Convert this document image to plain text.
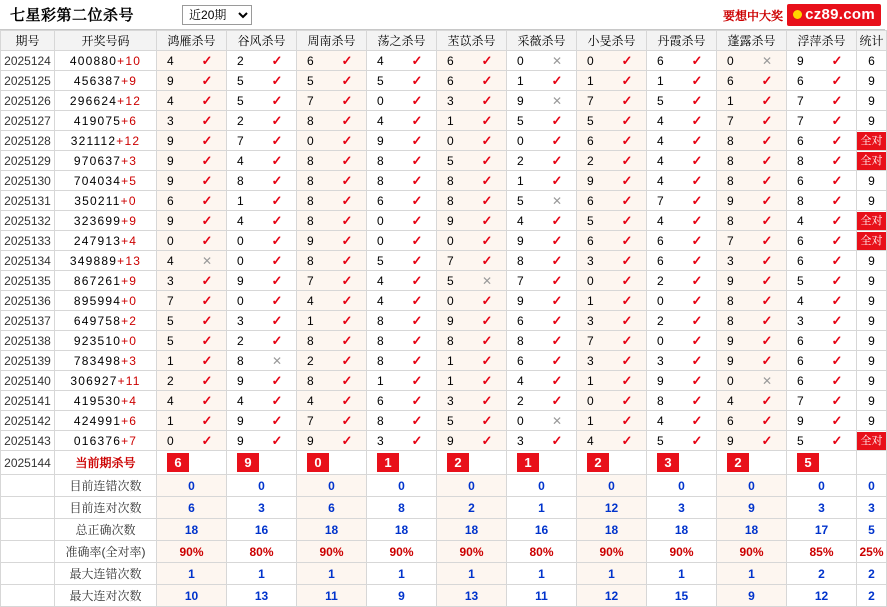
七星彩第二位杀号
近20期	要想中大奖 cz89.com
期号	开奖号码	鸿雁杀号	谷风杀号	周南杀号	荡之杀号	苤苡杀号	采薇杀号	小旻杀号	丹霞杀号	蓬露杀号	浮萍杀号	统计
2025124	400880+10	4 ✓	2 ✓	6 ✓	4 ✓	6 ✓	0 ✕	0 ✓	6 ✓	0 ✕	9 ✓	6
2025125	456387+9	9 ✓	5 ✓	5 ✓	5 ✓	6 ✓	1 ✓	1 ✓	1 ✓	6 ✓	6 ✓	9
2025126	296624+12	4 ✓	5 ✓	7 ✓	0 ✓	3 ✓	9 ✕	7 ✓	5 ✓	1 ✓	7 ✓	9
2025127	419075+6	3 ✓	2 ✓	8 ✓	4 ✓	1 ✓	5 ✓	5 ✓	4 ✓	7 ✓	7 ✓	9
2025128	321112+12	9 ✓	7 ✓	0 ✓	9 ✓	0 ✓	0 ✓	6 ✓	4 ✓	8 ✓	6 ✓	全对

2025129	970637+3	9 ✓	4 ✓	8 ✓	8 ✓	5 ✓	2 ✓	2 ✓	4 ✓	8 ✓	8 ✓	全对

2025130	704034+5	9 ✓	8 ✓	8 ✓	8 ✓	8 ✓	1 ✓	9 ✓	4 ✓	8 ✓	6 ✓	9
2025131	350211+0	6 ✓	1 ✓	8 ✓	6 ✓	8 ✓	5 ✕	6 ✓	7 ✓	9 ✓	8 ✓	9
2025132	323699+9	9 ✓	4 ✓	8 ✓	0 ✓	9 ✓	4 ✓	5 ✓	4 ✓	8 ✓	4 ✓	全对

2025133	247913+4	0 ✓	0 ✓	9 ✓	0 ✓	0 ✓	9 ✓	6 ✓	6 ✓	7 ✓	6 ✓	全对

2025134	349889+13	4 ✕	0 ✓	8 ✓	5 ✓	7 ✓	8 ✓	3 ✓	6 ✓	3 ✓	6 ✓	9
2025135	867261+9	3 ✓	9 ✓	7 ✓	4 ✓	5 ✕	7 ✓	0 ✓	2 ✓	9 ✓	5 ✓	9
2025136	895994+0	7 ✓	0 ✓	4 ✓	4 ✓	0 ✓	9 ✓	1 ✓	0 ✓	8 ✓	4 ✓	9
2025137	649758+2	5 ✓	3 ✓	1 ✓	8 ✓	9 ✓	6 ✓	3 ✓	2 ✓	8 ✓	3 ✓	9
2025138	923510+0	5 ✓	2 ✓	8 ✓	8 ✓	8 ✓	8 ✓	7 ✓	0 ✓	9 ✓	6 ✓	9
2025139	783498+3	1 ✓	8 ✕	2 ✓	8 ✓	1 ✓	6 ✓	3 ✓	3 ✓	9 ✓	6 ✓	9
2025140	306927+11	2 ✓	9 ✓	8 ✓	1 ✓	1 ✓	4 ✓	1 ✓	9 ✓	0 ✕	6 ✓	9
2025141	419530+4	4 ✓	4 ✓	4 ✓	6 ✓	3 ✓	2 ✓	0 ✓	8 ✓	4 ✓	7 ✓	9
2025142	424991+6	1 ✓	9 ✓	7 ✓	8 ✓	5 ✓	0 ✕	1 ✓	4 ✓	6 ✓	9 ✓	9
2025143	016376+7	0 ✓	9 ✓	9 ✓	3 ✓	9 ✓	3 ✓	4 ✓	5 ✓	9 ✓	5 ✓	全对

2025144	当前期杀号	6	9	0	1	2	1	2	3	2	5	

	目前连错次数	0	0	0	0	0	0	0	0	0	0	0
	目前连对次数	6	3	6	8	2	1	12	3	9	3	3
	总正确次数	18	16	18	18	18	16	18	18	18	17	5
	准确率(全对率)	90%	80%	90%	90%	90%	80%	90%	90%	90%	85%	25%
	最大连错次数	1	1	1	1	1	1	1	1	1	2	2
	最大连对次数	10	13	11	9	13	11	12	15	9	12	2
